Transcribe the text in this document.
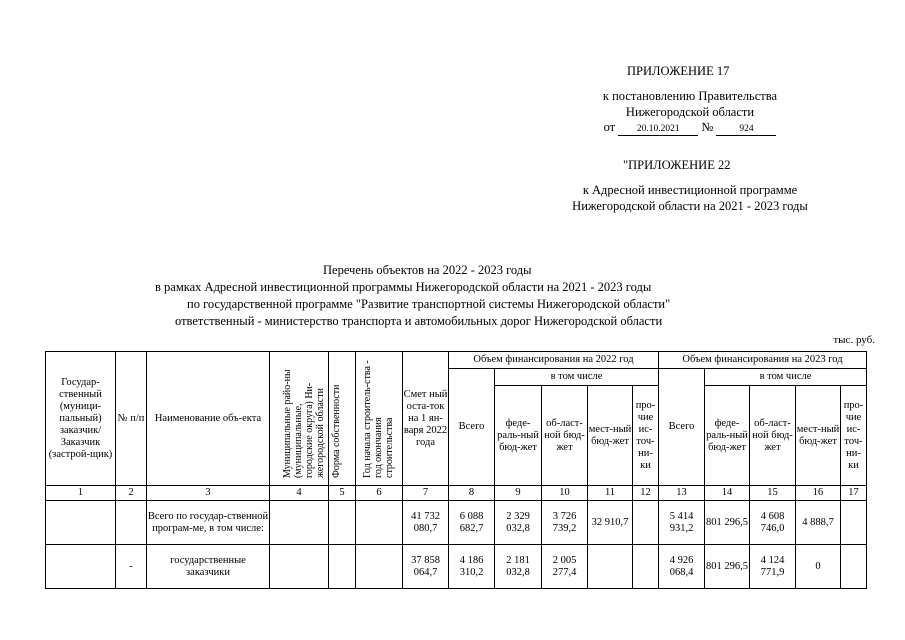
ПРИЛОЖЕНИЕ 17
к постановлению Правительства
Нижегородской области
от 20.10.2021 №	924
"ПРИЛОЖЕНИЕ 22
к Адресной инвестиционной программе
Нижегородской области на 2021 - 2023 годы
Перечень объектов на 2022 - 2023 годы
в рамках Адресной инвестиционной программы Нижегородской области на 2021 - 2023 годы
по государственной программе "Развитие транспортной системы Нижегородской области"
ответственный - министерство транспорта и автомобильных дорог Нижегородской области
тыс. руб.
Государ-ственный (муници-пальный) заказчик/ Заказчик (застрой-щик)	№ п/п	Наименование объ-екта	Муниципальные райо-ны (муниципальные, городские округа) Ни-жегородской области	Форма собственности	Год начала строитель-ства - год окончания строительства	Смет ный оста-ток на 1 ян-варя 2022 года	Объем финансирования на 2022 год					Объем финансирования на 2023 год				
							Всего	в том числе				Всего	в том числе			
								феде-раль-ный бюд-жет	об-ласт-ной бюд-жет	мест-ный бюд-жет	про-чие ис-точ-ни-ки		феде-раль-ный бюд-жет	об-ласт-ной бюд-жет	мест-ный бюд-жет	про-чие ис-точ-ни-ки
1	2	3	4	5	6	7	8	9	10	11	12	13	14	15	16	17
		Всего по государ-ственной програм-ме, в том числе:				41 732 080,7	6 088 682,7	2 329 032,8	3 726 739,2	32 910,7		5 414 931,2	801 296,5	4 608 746,0	4 888,7	
	-	государственные заказчики				37 858 064,7	4 186 310,2	2 181 032,8	2 005 277,4			4 926 068,4	801 296,5	4 124 771,9	0	
